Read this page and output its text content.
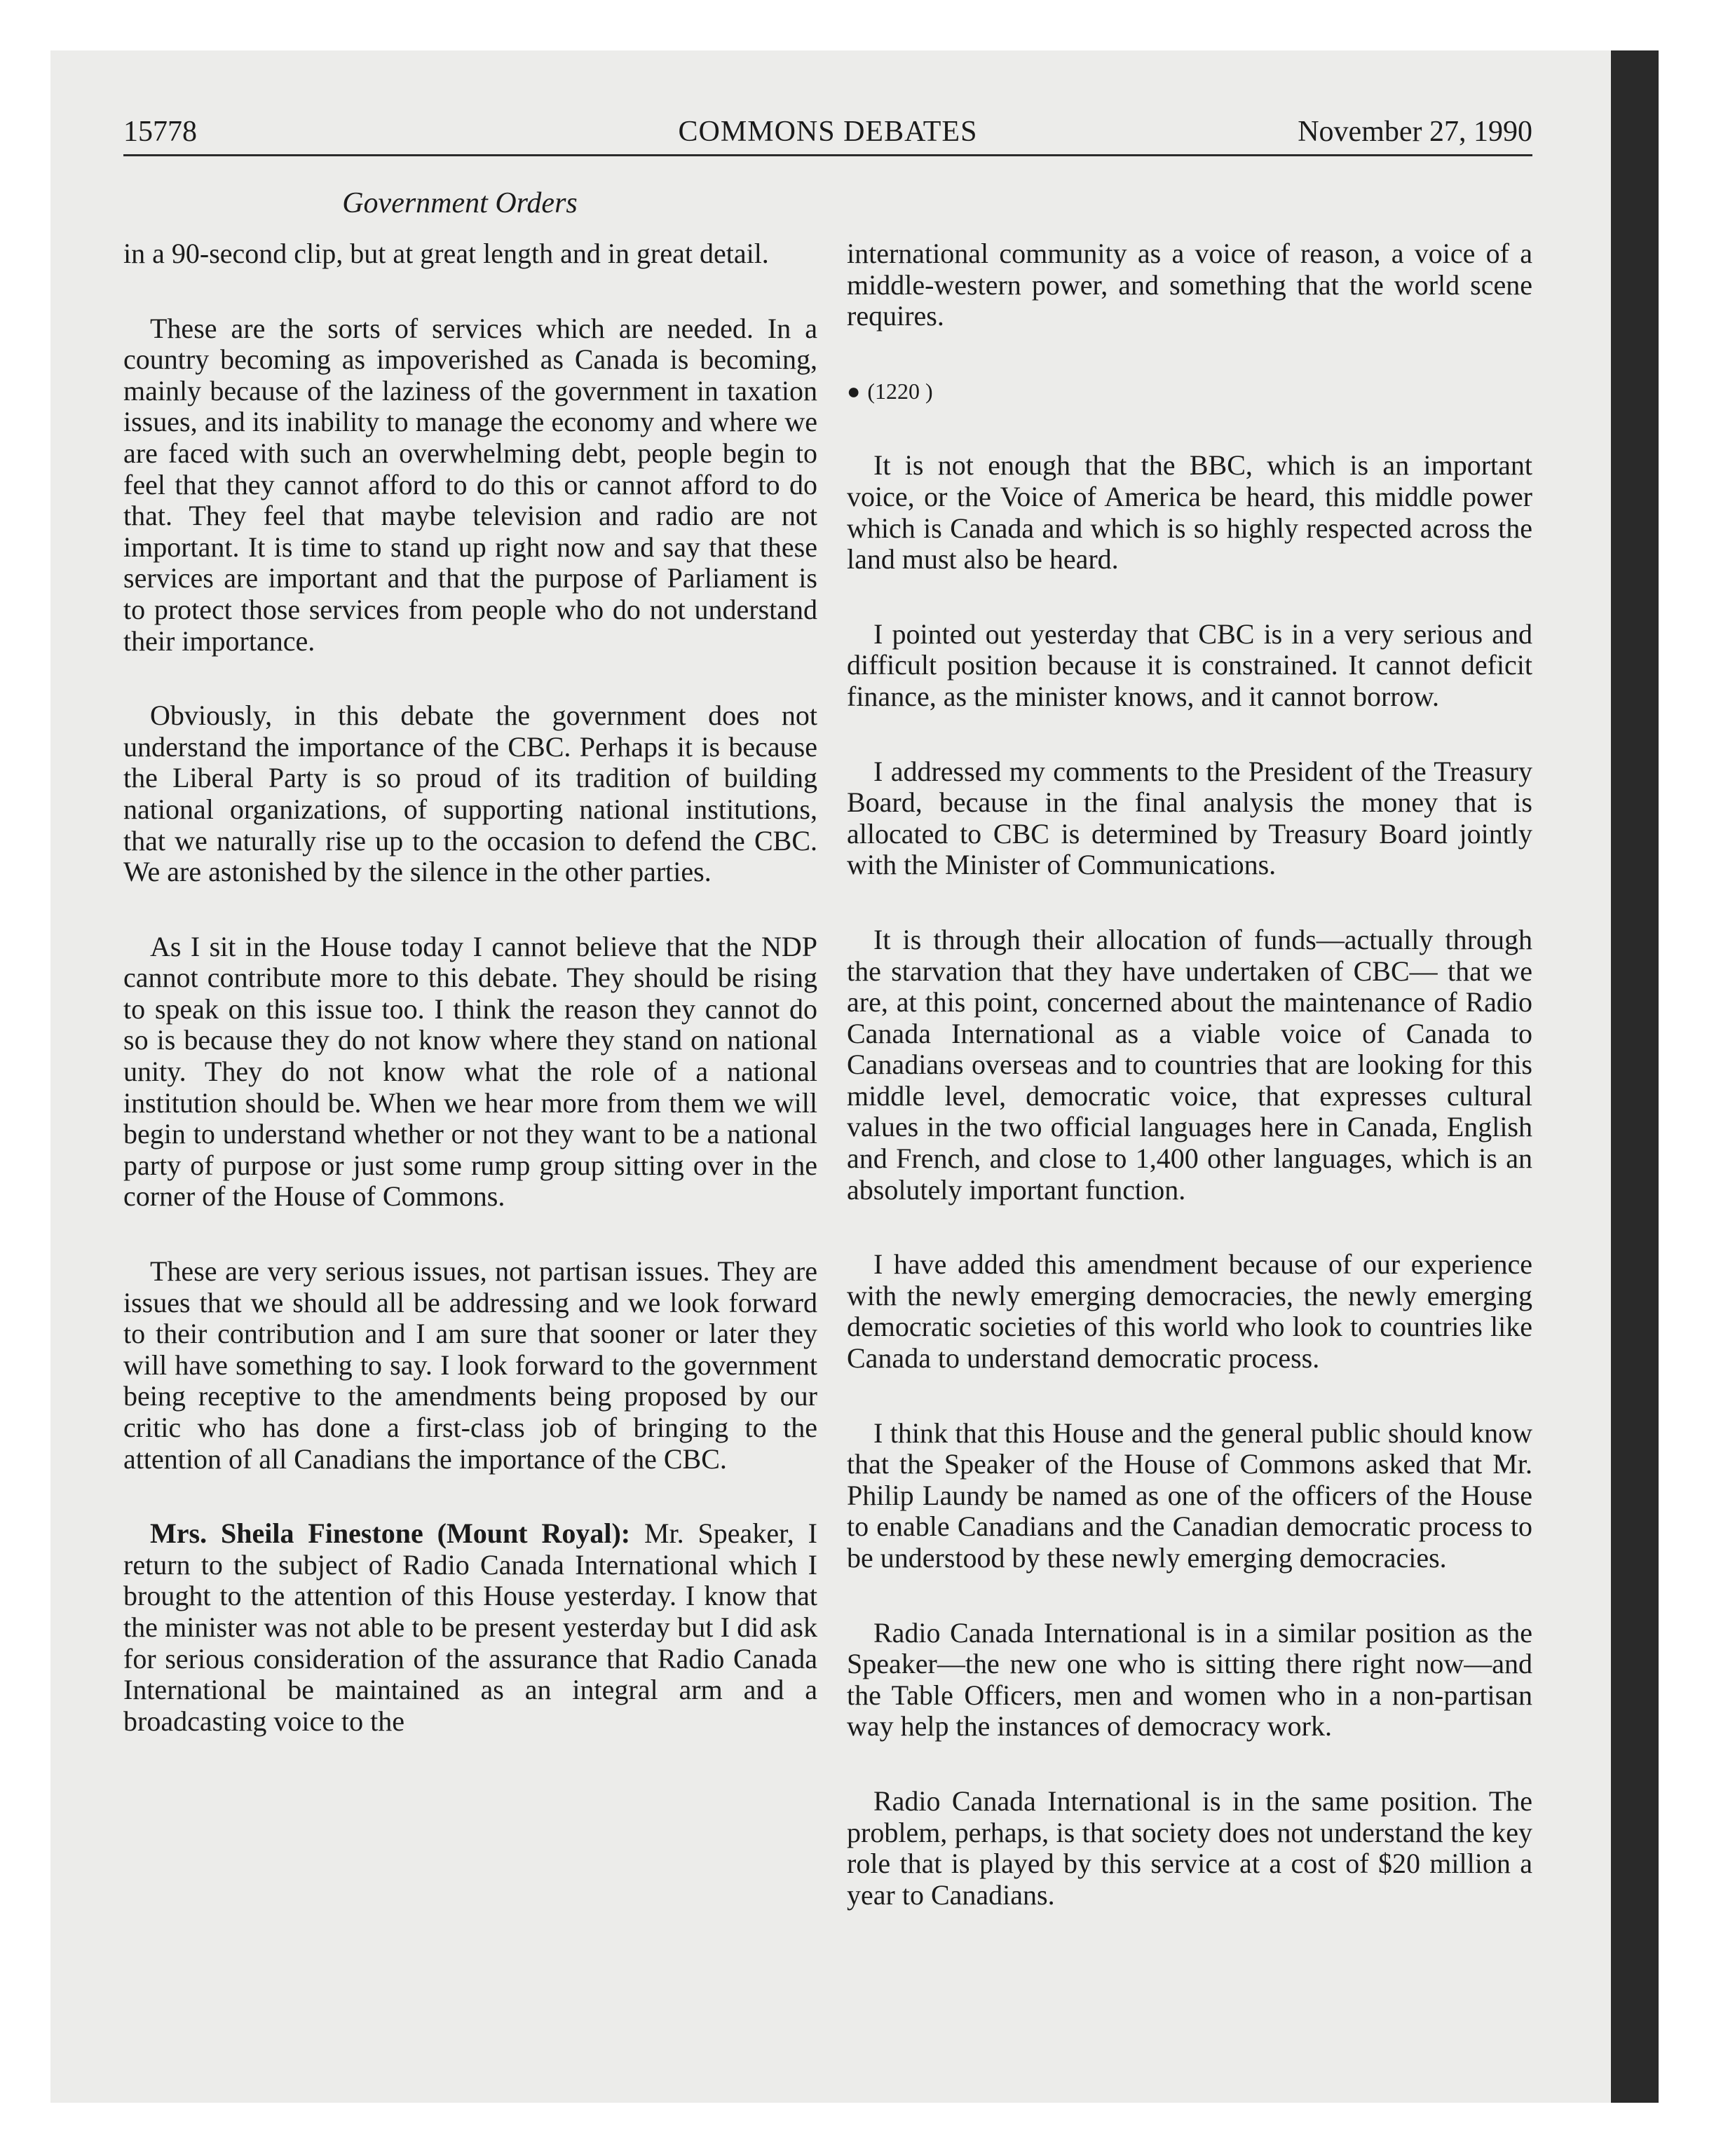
15778	COMMONS DEBATES	November 27, 1990
Government Orders

in a 90-second clip, but at great length and in great detail.

These are the sorts of services which are needed. In a country becoming as impoverished as Canada is becoming, mainly because of the laziness of the government in taxation issues, and its inability to manage the economy and where we are faced with such an overwhelming debt, people begin to feel that they cannot afford to do this or cannot afford to do that. They feel that maybe television and radio are not important. It is time to stand up right now and say that these services are important and that the purpose of Parliament is to protect those services from people who do not understand their importance.

Obviously, in this debate the government does not understand the importance of the CBC. Perhaps it is because the Liberal Party is so proud of its tradition of building national organizations, of supporting national institutions, that we naturally rise up to the occasion to defend the CBC. We are astonished by the silence in the other parties.

As I sit in the House today I cannot believe that the NDP cannot contribute more to this debate. They should be rising to speak on this issue too. I think the reason they cannot do so is because they do not know where they stand on national unity. They do not know what the role of a national institution should be. When we hear more from them we will begin to understand whether or not they want to be a national party of purpose or just some rump group sitting over in the corner of the House of Commons.

These are very serious issues, not partisan issues. They are issues that we should all be addressing and we look forward to their contribution and I am sure that sooner or later they will have something to say. I look forward to the government being receptive to the amendments being proposed by our critic who has done a first-class job of bringing to the attention of all Canadians the importance of the CBC.

Mrs. Sheila Finestone (Mount Royal): Mr. Speaker, I return to the subject of Radio Canada International which I brought to the attention of this House yesterday. I know that the minister was not able to be present yesterday but I did ask for serious consideration of the assurance that Radio Canada International be maintained as an integral arm and a broadcasting voice to the

international community as a voice of reason, a voice of a middle-western power, and something that the world scene requires.

● (1220 )

It is not enough that the BBC, which is an important voice, or the Voice of America be heard, this middle power which is Canada and which is so highly respected across the land must also be heard.

I pointed out yesterday that CBC is in a very serious and difficult position because it is constrained. It cannot deficit finance, as the minister knows, and it cannot borrow.

I addressed my comments to the President of the Treasury Board, because in the final analysis the money that is allocated to CBC is determined by Treasury Board jointly with the Minister of Communications.

It is through their allocation of funds—actually through the starvation that they have undertaken of CBC— that we are, at this point, concerned about the maintenance of Radio Canada International as a viable voice of Canada to Canadians overseas and to countries that are looking for this middle level, democratic voice, that expresses cultural values in the two official languages here in Canada, English and French, and close to 1,400 other languages, which is an absolutely important function.

I have added this amendment because of our experience with the newly emerging democracies, the newly emerging democratic societies of this world who look to countries like Canada to understand democratic process.

I think that this House and the general public should know that the Speaker of the House of Commons asked that Mr. Philip Laundy be named as one of the officers of the House to enable Canadians and the Canadian democratic process to be understood by these newly emerging democracies.

Radio Canada International is in a similar position as the Speaker—the new one who is sitting there right now—and the Table Officers, men and women who in a non-partisan way help the instances of democracy work.

Radio Canada International is in the same position. The problem, perhaps, is that society does not understand the key role that is played by this service at a cost of $20 million a year to Canadians.
